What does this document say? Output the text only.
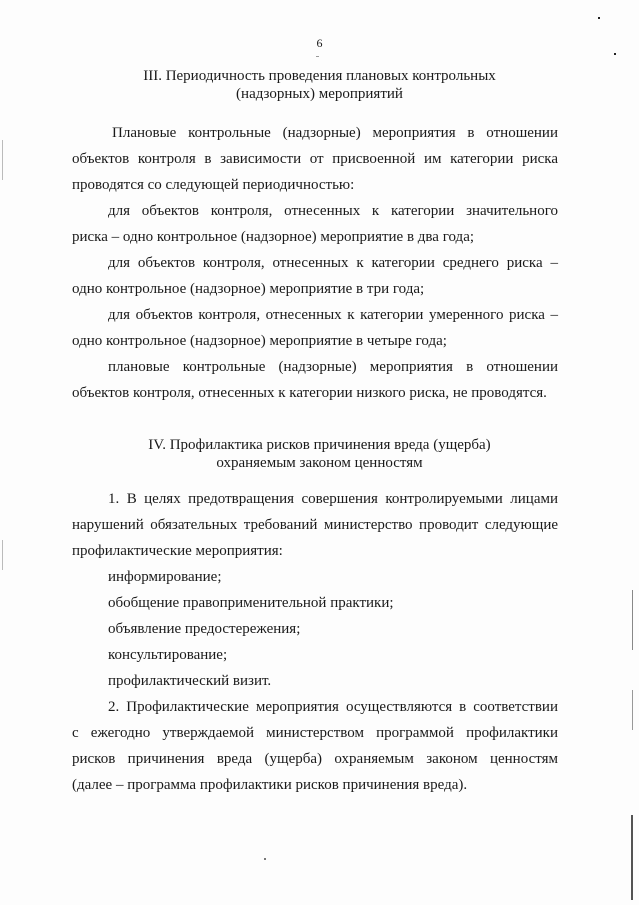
6
III. Периодичность проведения плановых контрольных
(надзорных) мероприятий
Плановые контрольные (надзорные) мероприятия в отношении
объектов контроля в зависимости от присвоенной им категории риска
проводятся со следующей периодичностью:
для объектов контроля, отнесенных к категории значительного
риска – одно контрольное (надзорное) мероприятие в два года;
для объектов контроля, отнесенных к категории среднего риска –
одно контрольное (надзорное) мероприятие в три года;
для объектов контроля, отнесенных к категории умеренного риска –
одно контрольное (надзорное) мероприятие в четыре года;
плановые контрольные (надзорные) мероприятия в отношении
объектов контроля, отнесенных к категории низкого риска, не проводятся.
IV. Профилактика рисков причинения вреда (ущерба)
охраняемым законом ценностям
1. В целях предотвращения совершения контролируемыми лицами
нарушений обязательных требований министерство проводит следующие
профилактические мероприятия:
информирование;
обобщение правоприменительной практики;
объявление предостережения;
консультирование;
профилактический визит.
2. Профилактические мероприятия осуществляются в соответствии
с ежегодно утверждаемой министерством программой профилактики
рисков причинения вреда (ущерба) охраняемым законом ценностям
(далее – программа профилактики рисков причинения вреда).
